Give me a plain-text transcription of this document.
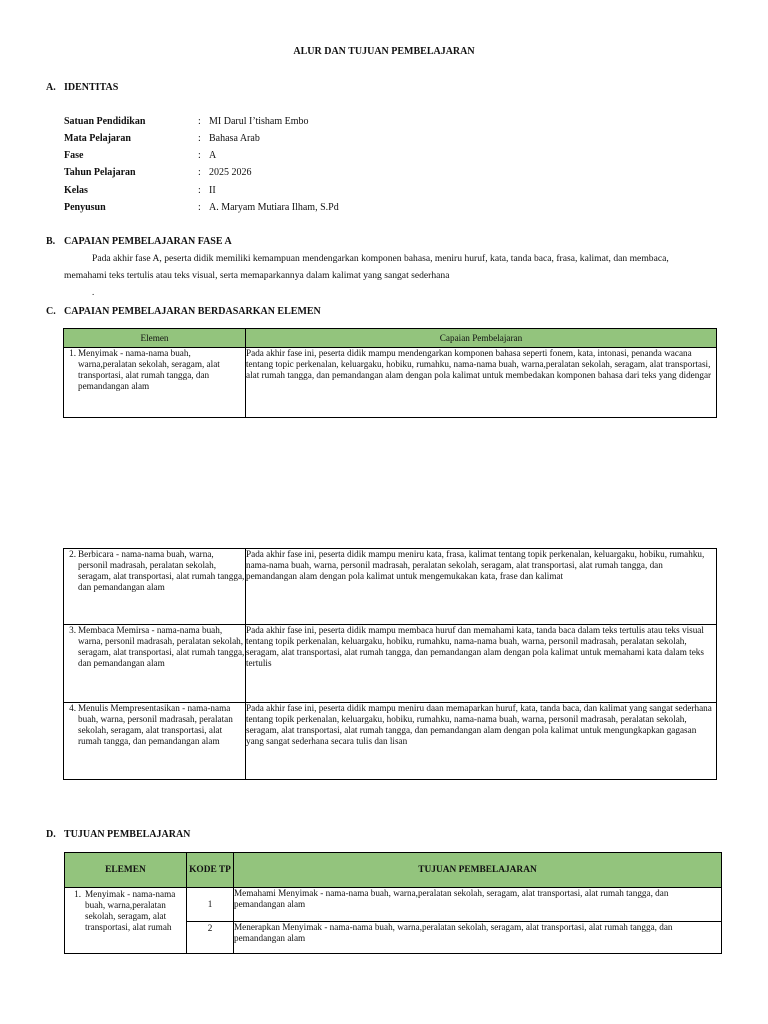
ALUR DAN TUJUAN PEMBELAJARAN
A. IDENTITAS
Satuan Pendidikan	: MI Darul I’tisham Embo
Mata Pelajaran	: Bahasa Arab
Fase	: A
Tahun Pelajaran	: 2025 2026
Kelas	: II
Penyusun	: A. Maryam Mutiara Ilham, S.Pd
B. CAPAIAN PEMBELAJARAN FASE A
Pada akhir fase A, peserta didik memiliki kemampuan mendengarkan komponen bahasa, meniru huruf, kata, tanda baca, frasa, kalimat, dan membaca,
memahami teks tertulis atau teks visual, serta memaparkannya dalam kalimat yang sangat sederhana
.
C. CAPAIAN PEMBELAJARAN BERDASARKAN ELEMEN
Elemen	Capaian Pembelajaran

1. Menyimak - nama-nama buah, warna,peralatan sekolah, seragam, alat transportasi, alat rumah tangga, dan pemandangan alam	Pada akhir fase ini, peserta didik mampu mendengarkan komponen bahasa seperti fonem, kata, intonasi, penanda wacana tentang topic perkenalan, keluargaku, hobiku, rumahku, nama-nama buah, warna,peralatan sekolah, seragam, alat transportasi, alat rumah tangga, dan pemandangan alam dengan pola kalimat untuk membedakan komponen bahasa dari teks yang didengar
2. Berbicara - nama-nama buah, warna, personil madrasah, peralatan sekolah, seragam, alat transportasi, alat rumah tangga, dan pemandangan alam	Pada akhir fase ini, peserta didik mampu meniru kata, frasa, kalimat tentang topik perkenalan, keluargaku, hobiku, rumahku, nama-nama buah, warna, personil madrasah, peralatan sekolah, seragam, alat transportasi, alat rumah tangga, dan pemandangan alam dengan pola kalimat untuk mengemukakan kata, frase dan kalimat

3. Membaca Memirsa - nama-nama buah, warna, personil madrasah, peralatan sekolah, seragam, alat transportasi, alat rumah tangga, dan pemandangan alam	Pada akhir fase ini, peserta didik mampu membaca huruf dan memahami kata, tanda baca dalam teks tertulis atau teks visual tentang topik perkenalan, keluargaku, hobiku, rumahku, nama-nama buah, warna, personil madrasah, peralatan sekolah, seragam, alat transportasi, alat rumah tangga, dan pemandangan alam dengan pola kalimat untuk memahami kata dalam teks tertulis

4. Menulis Mempresentasikan - nama-nama buah, warna, personil madrasah, peralatan sekolah, seragam, alat transportasi, alat rumah tangga, dan pemandangan alam	Pada akhir fase ini, peserta didik mampu meniru daan memaparkan huruf, kata, tanda baca, dan kalimat yang sangat sederhana tentang topik perkenalan, keluargaku, hobiku, rumahku, nama-nama buah, warna, personil madrasah, peralatan sekolah, seragam, alat transportasi, alat rumah tangga, dan pemandangan alam dengan pola kalimat untuk mengungkapkan gagasan yang sangat sederhana secara tulis dan lisan
D. TUJUAN PEMBELAJARAN
ELEMEN	KODE TP	TUJUAN PEMBELAJARAN

1. Menyimak - nama-nama buah, warna,peralatan sekolah, seragam, alat transportasi, alat rumah	1	Memahami Menyimak - nama-nama buah, warna,peralatan sekolah, seragam, alat transportasi, alat rumah tangga, dan pemandangan alam
	2	Menerapkan Menyimak - nama-nama buah, warna,peralatan sekolah, seragam, alat transportasi, alat rumah tangga, dan pemandangan alam
